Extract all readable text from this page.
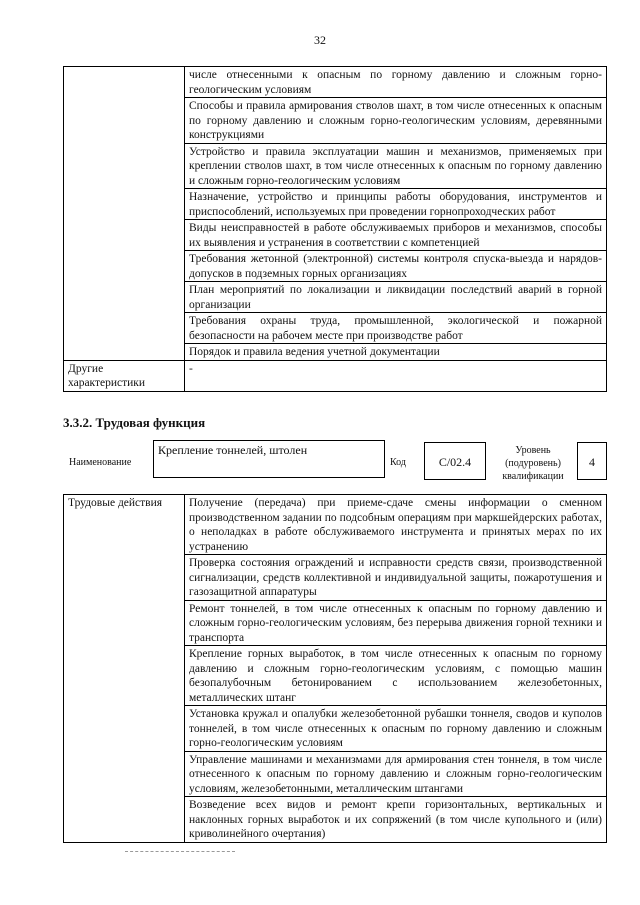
32
	числе отнесенными к опасным по горному давлению и сложным горно-геологическим условиям
	Способы и правила армирования стволов шахт, в том числе отнесенных к опасным по горному давлению и сложным горно-геологическим условиям, деревянными конструкциями
	Устройство и правила эксплуатации машин и механизмов, применяемых при креплении стволов шахт, в том числе отнесенных к опасным по горному давлению и сложным горно-геологическим условиям
	Назначение, устройство и принципы работы оборудования, инструментов и приспособлений, используемых при проведении горнопроходческих работ
	Виды неисправностей в работе обслуживаемых приборов и механизмов, способы их выявления и устранения в соответствии с компетенцией
	Требования жетонной (электронной) системы контроля спуска-выезда и нарядов-допусков в подземных горных организациях
	План мероприятий по локализации и ликвидации последствий аварий в горной организации
	Требования охраны труда, промышленной, экологической и пожарной безопасности на рабочем месте при производстве работ
	Порядок и правила ведения учетной документации
Другие характеристики	-
3.3.2. Трудовая функция
Наименование
Крепление тоннелей, штолен
Код	C/02.4
Уровень (подуровень) квалификации
4
Трудовые действия	Получение (передача) при приеме-сдаче смены информации о сменном производственном задании по подсобным операциям при маркшейдерских работах, о неполадках в работе обслуживаемого инструмента и принятых мерах по их устранению
Проверка состояния ограждений и исправности средств связи, производственной сигнализации, средств коллективной и индивидуальной защиты, пожаротушения и газозащитной аппаратуры
Ремонт тоннелей, в том числе отнесенных к опасным по горному давлению и сложным горно-геологическим условиям, без перерыва движения горной техники и транспорта
Крепление горных выработок, в том числе отнесенных к опасным по горному давлению и сложным горно-геологическим условиям, с помощью машин безопалубочным бетонированием с использованием железобетонных, металлических штанг
Установка кружал и опалубки железобетонной рубашки тоннеля, сводов и куполов тоннелей, в том числе отнесенных к опасным по горному давлению и сложным горно-геологическим условиям
Управление машинами и механизмами для армирования стен тоннеля, в том числе отнесенного к опасным по горному давлению и сложным горно-геологическим условиям, железобетонными, металлическим штангами
Возведение всех видов и ремонт крепи горизонтальных, вертикальных и наклонных горных выработок и их сопряжений (в том числе купольного и (или) криволинейного очертания)
